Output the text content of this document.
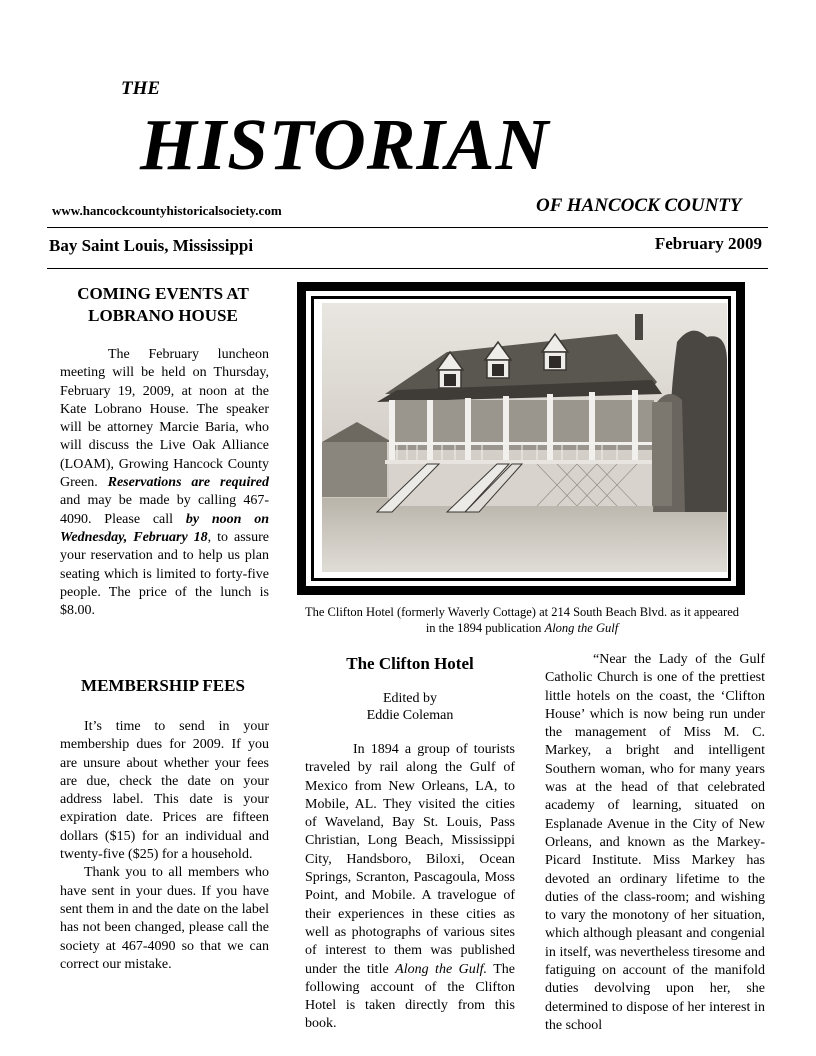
THE
HISTORIAN
www.hancockcountyhistoricalsociety.com	OF HANCOCK COUNTY
Bay Saint Louis, Mississippi	February 2009
COMING EVENTS AT
LOBRANO HOUSE

The February luncheon meeting will be held on Thursday, February 19, 2009, at noon at the Kate Lobrano House. The speaker will be attorney Marcie Baria, who will discuss the Live Oak Alliance (LOAM), Growing Hancock County Green. Reservations are required and may be made by calling 467-4090. Please call by noon on Wednesday, February 18, to assure your reservation and to help us plan seating which is limited to forty-five people. The price of the lunch is $8.00.

MEMBERSHIP FEES

It’s time to send in your membership dues for 2009. If you are unsure about whether your fees are due, check the date on your address label. This date is your expiration date. Prices are fifteen dollars ($15) for an individual and twenty-five ($25) for a household.

Thank you to all members who have sent in your dues. If you have sent them in and the date on the label has not been changed, please call the society at 467-4090 so that we can correct our mistake.

The Clifton Hotel (formerly Waverly Cottage) at 214 South Beach Blvd. as it appeared in the 1894 publication Along the Gulf
The Clifton Hotel
Edited by
Eddie Coleman

In 1894 a group of tourists traveled by rail along the Gulf of Mexico from New Orleans, LA, to Mobile, AL. They visited the cities of Waveland, Bay St. Louis, Pass Christian, Long Beach, Mississippi City, Handsboro, Biloxi, Ocean Springs, Scranton, Pascagoula, Moss Point, and Mobile. A travelogue of their experiences in these cities as well as photographs of various sites of interest to them was published under the title Along the Gulf. The following account of the Clifton Hotel is taken directly from this book.

“Near the Lady of the Gulf Catholic Church is one of the prettiest little hotels on the coast, the ‘Clifton House’ which is now being run under the management of Miss M. C. Markey, a bright and intelligent Southern woman, who for many years was at the head of that celebrated academy of learning, situated on Esplanade Avenue in the City of New Orleans, and known as the Markey-Picard Institute. Miss Markey has devoted an ordinary lifetime to the duties of the class-room; and wishing to vary the monotony of her situation, which although pleasant and congenial in itself, was nevertheless tiresome and fatiguing on account of the manifold duties devolving upon her, she determined to dispose of her interest in the school
